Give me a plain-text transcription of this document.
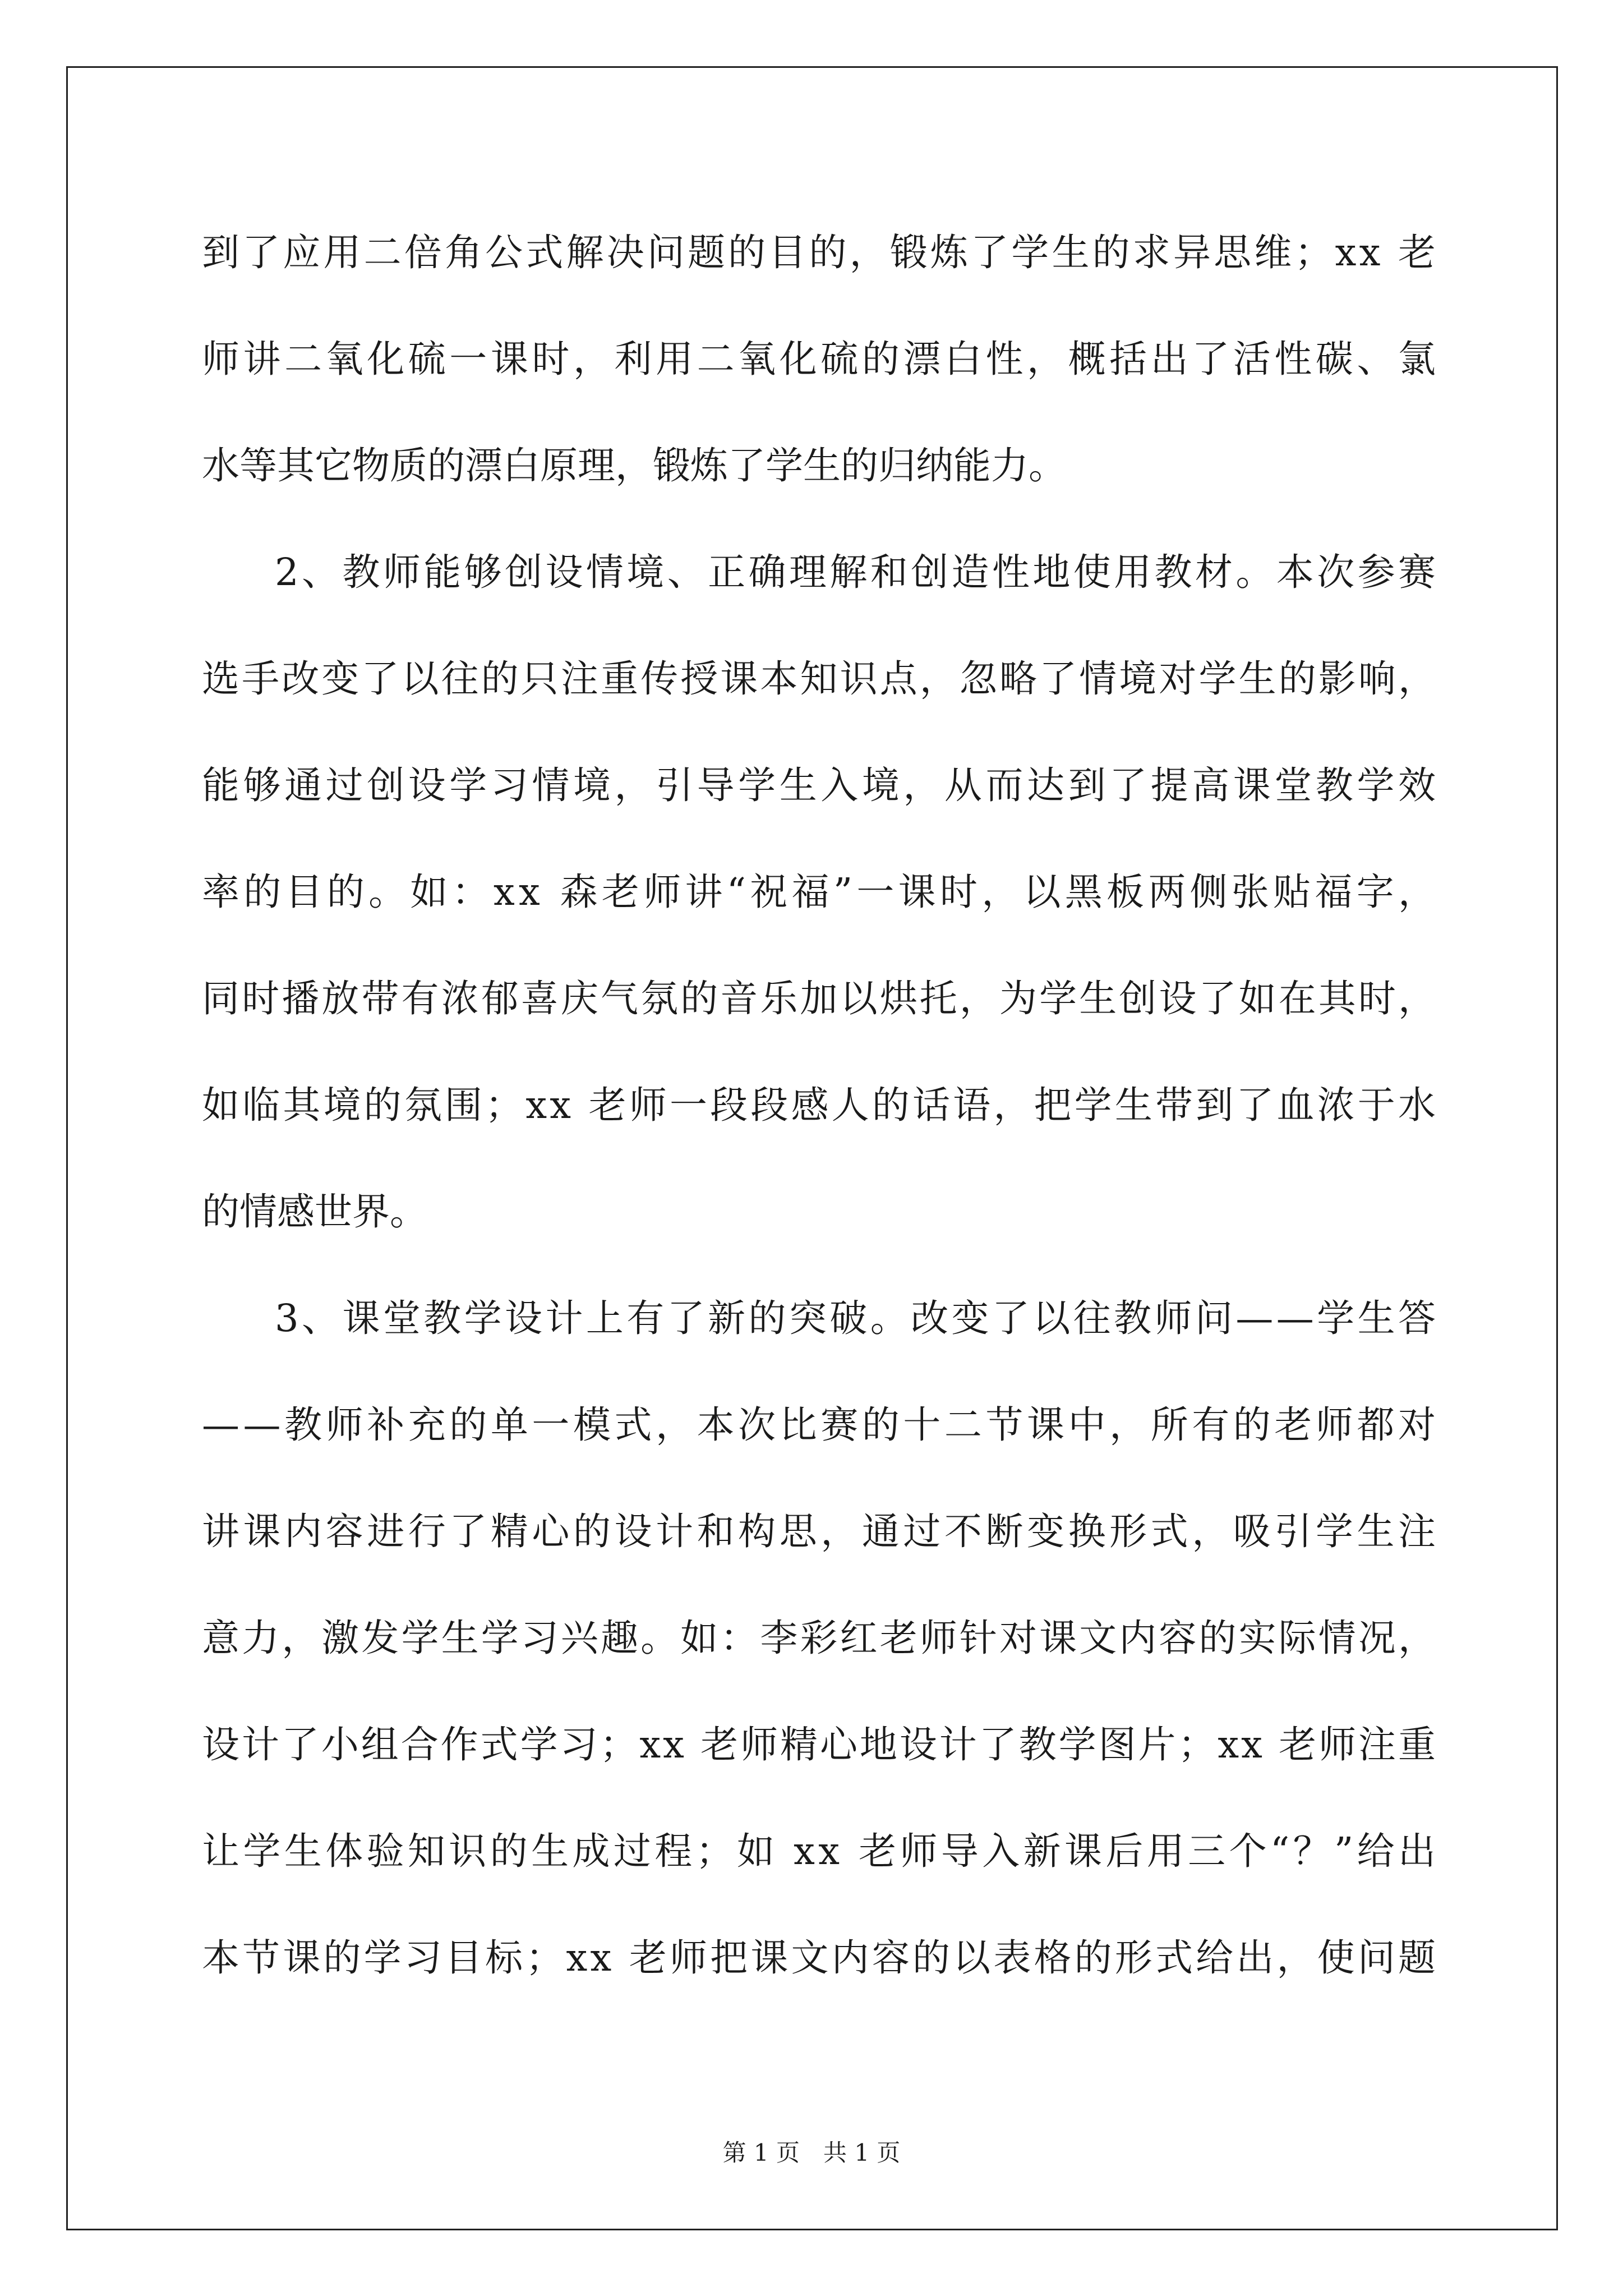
到了应用二倍角公式解决问题的目的，锻炼了学生的求异思维；xx 老
师讲二氧化硫一课时，利用二氧化硫的漂白性，概括出了活性碳、氯
水等其它物质的漂白原理，锻炼了学生的归纳能力。
2、教师能够创设情境、正确理解和创造性地使用教材。本次参赛
选手改变了以往的只注重传授课本知识点，忽略了情境对学生的影响，
能够通过创设学习情境，引导学生入境，从而达到了提高课堂教学效
率的目的。如：xx 森老师讲“祝福”一课时，以黑板两侧张贴福字，
同时播放带有浓郁喜庆气氛的音乐加以烘托，为学生创设了如在其时，
如临其境的氛围；xx 老师一段段感人的话语，把学生带到了血浓于水
的情感世界。
3、课堂教学设计上有了新的突破。改变了以往教师问——学生答
——教师补充的单一模式，本次比赛的十二节课中，所有的老师都对
讲课内容进行了精心的设计和构思，通过不断变换形式，吸引学生注
意力，激发学生学习兴趣。如：李彩红老师针对课文内容的实际情况，
设计了小组合作式学习；xx 老师精心地设计了教学图片；xx 老师注重
让学生体验知识的生成过程；如 xx 老师导入新课后用三个“？”给出
本节课的学习目标；xx 老师把课文内容的以表格的形式给出，使问题
第 1 页　共 1 页
